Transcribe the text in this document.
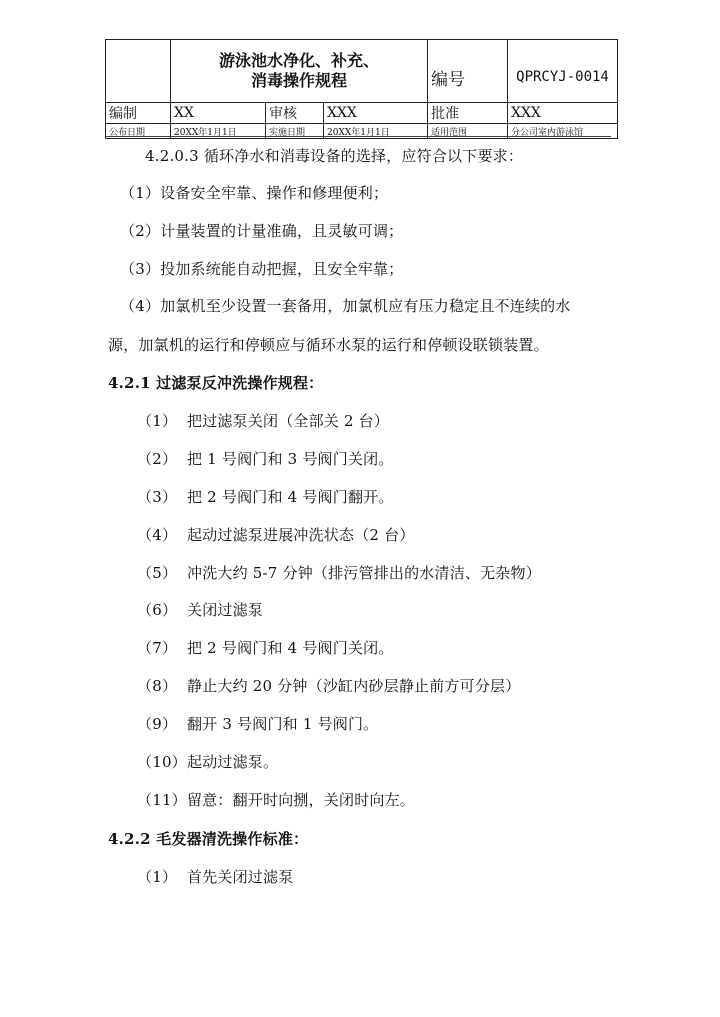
	游泳池水净化、补充、
消毒操作规程			编号	QPRCYJ-0014
编制	XX	审核	XXX	批准	XXX
公布日期	20XX年1月1日	实施日期	20XX年1月1日	适用范围	分公司室内游泳馆
4.2.0.3 循环净水和消毒设备的选择，应符合以下要求：
（1）设备安全牢靠、操作和修理便利；
（2）计量装置的计量准确，且灵敏可调；
（3）投加系统能自动把握，且安全牢靠；
（4）加氯机至少设置一套备用，加氯机应有压力稳定且不连续的水
源，加氯机的运行和停顿应与循环水泵的运行和停顿设联锁装置。
4.2.1 过滤泵反冲洗操作规程：
（1） 把过滤泵关闭（全部关 2 台）
（2） 把 1 号阀门和 3 号阀门关闭。
（3） 把 2 号阀门和 4 号阀门翻开。
（4） 起动过滤泵进展冲洗状态（2 台）
（5） 冲洗大约 5-7 分钟（排污管排出的水清洁、无杂物）
（6） 关闭过滤泵
（7） 把 2 号阀门和 4 号阀门关闭。
（8） 静止大约 20 分钟（沙缸内砂层静止前方可分层）
（9） 翻开 3 号阀门和 1 号阀门。
（10）起动过滤泵。
（11）留意：翻开时向捌，关闭时向左。
4.2.2 毛发器清洗操作标准：
（1） 首先关闭过滤泵
